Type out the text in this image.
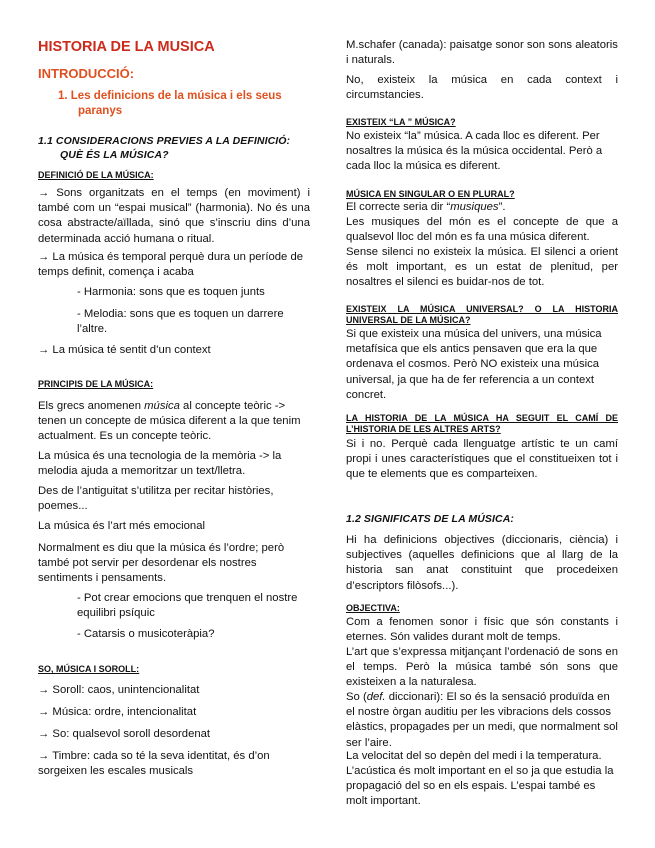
HISTORIA DE LA MUSICA
INTRODUCCIÓ:
1. Les definicions de la música i els seus paranys
1.1 CONSIDERACIONS PREVIES A LA DEFINICIÓ: QUÈ ÉS LA MÚSICA?
DEFINICIÓ DE LA MÚSICA:
→ Sons organitzats en el temps (en moviment) i també com un “espai musical” (harmonia). No és una cosa abstracte/aïllada, sinó que s’inscriu dins d’una determinada acció humana o ritual.
→ La música és temporal perquè dura un període de temps definit, comença i acaba
- Harmonia: sons que es toquen junts
- Melodia: sons que es toquen un darrere l’altre.
→ La música té sentit d’un context
PRINCIPIS DE LA MÚSICA:
Els grecs anomenen música al concepte teòric -> tenen un concepte de música diferent a la que tenim actualment. Es un concepte teòric.
La música és una tecnologia de la memòria -> la melodia ajuda a memoritzar un text/lletra.
Des de l’antiguitat s’utilitza per recitar històries, poemes...
La música és l’art més emocional
Normalment es diu que la música és l’ordre; però també pot servir per desordenar els nostres sentiments i pensaments.
- Pot crear emocions que trenquen el nostre equilibri psíquic
- Catarsis o musicoteràpia?
SO, MÚSICA I SOROLL:
→ Soroll: caos, unintencionalitat
→ Música: ordre, intencionalitat
→ So: qualsevol soroll desordenat
→ Timbre: cada so té la seva identitat, és d’on sorgeixen les escales musicals
M.schafer (canada): paisatge sonor son sons aleatoris i naturals.
No, existeix la música en cada context i circumstancies.
EXISTEIX “LA ” MÚSICA?
No existeix “la” música. A cada lloc es diferent. Per nosaltres la música és la música occidental. Però a cada lloc la música es diferent.
MÚSICA EN SINGULAR O EN PLURAL?
El correcte seria dir “musiques”.
Les musiques del món es el concepte de que a qualsevol lloc del món es fa una música diferent.
Sense silenci no existeix la música. El silenci a orient és molt important, es un estat de plenitud, per nosaltres el silenci es buidar-nos de tot.
EXISTEIX LA MÚSICA UNIVERSAL? O LA HISTORIA UNIVERSAL DE LA MÚSICA?
Si que existeix una música del univers, una música metafísica que els antics pensaven que era la que ordenava el cosmos. Però NO existeix una música universal, ja que ha de fer referencia a un context concret.
LA HISTORIA DE LA MÚSICA HA SEGUIT EL CAMÍ DE L’HISTORIA DE LES ALTRES ARTS?
Si i no. Perquè cada llenguatge artístic te un camí propi i unes característiques que el constitueixen tot i que te elements que es comparteixen.
1.2 SIGNIFICATS DE LA MÚSICA:
Hi ha definicions objectives (diccionaris, ciència) i subjectives (aquelles definicions que al llarg de la historia san anat constituint que procedeixen d’escriptors filòsofs...).
OBJECTIVA:
Com a fenomen sonor i físic que són constants i eternes. Són valides durant molt de temps.
L’art que s’expressa mitjançant l’ordenació de sons en el temps. Però la música també són sons que existeixen a la naturalesa.
So (def. diccionari): El so és la sensació produïda en el nostre òrgan auditiu per les vibracions dels cossos elàstics, propagades per un medi, que normalment sol ser l’aire.
La velocitat del so depèn del medi i la temperatura.
L’acústica és molt important en el so ja que estudia la propagació del so en els espais. L’espai també es molt important.
